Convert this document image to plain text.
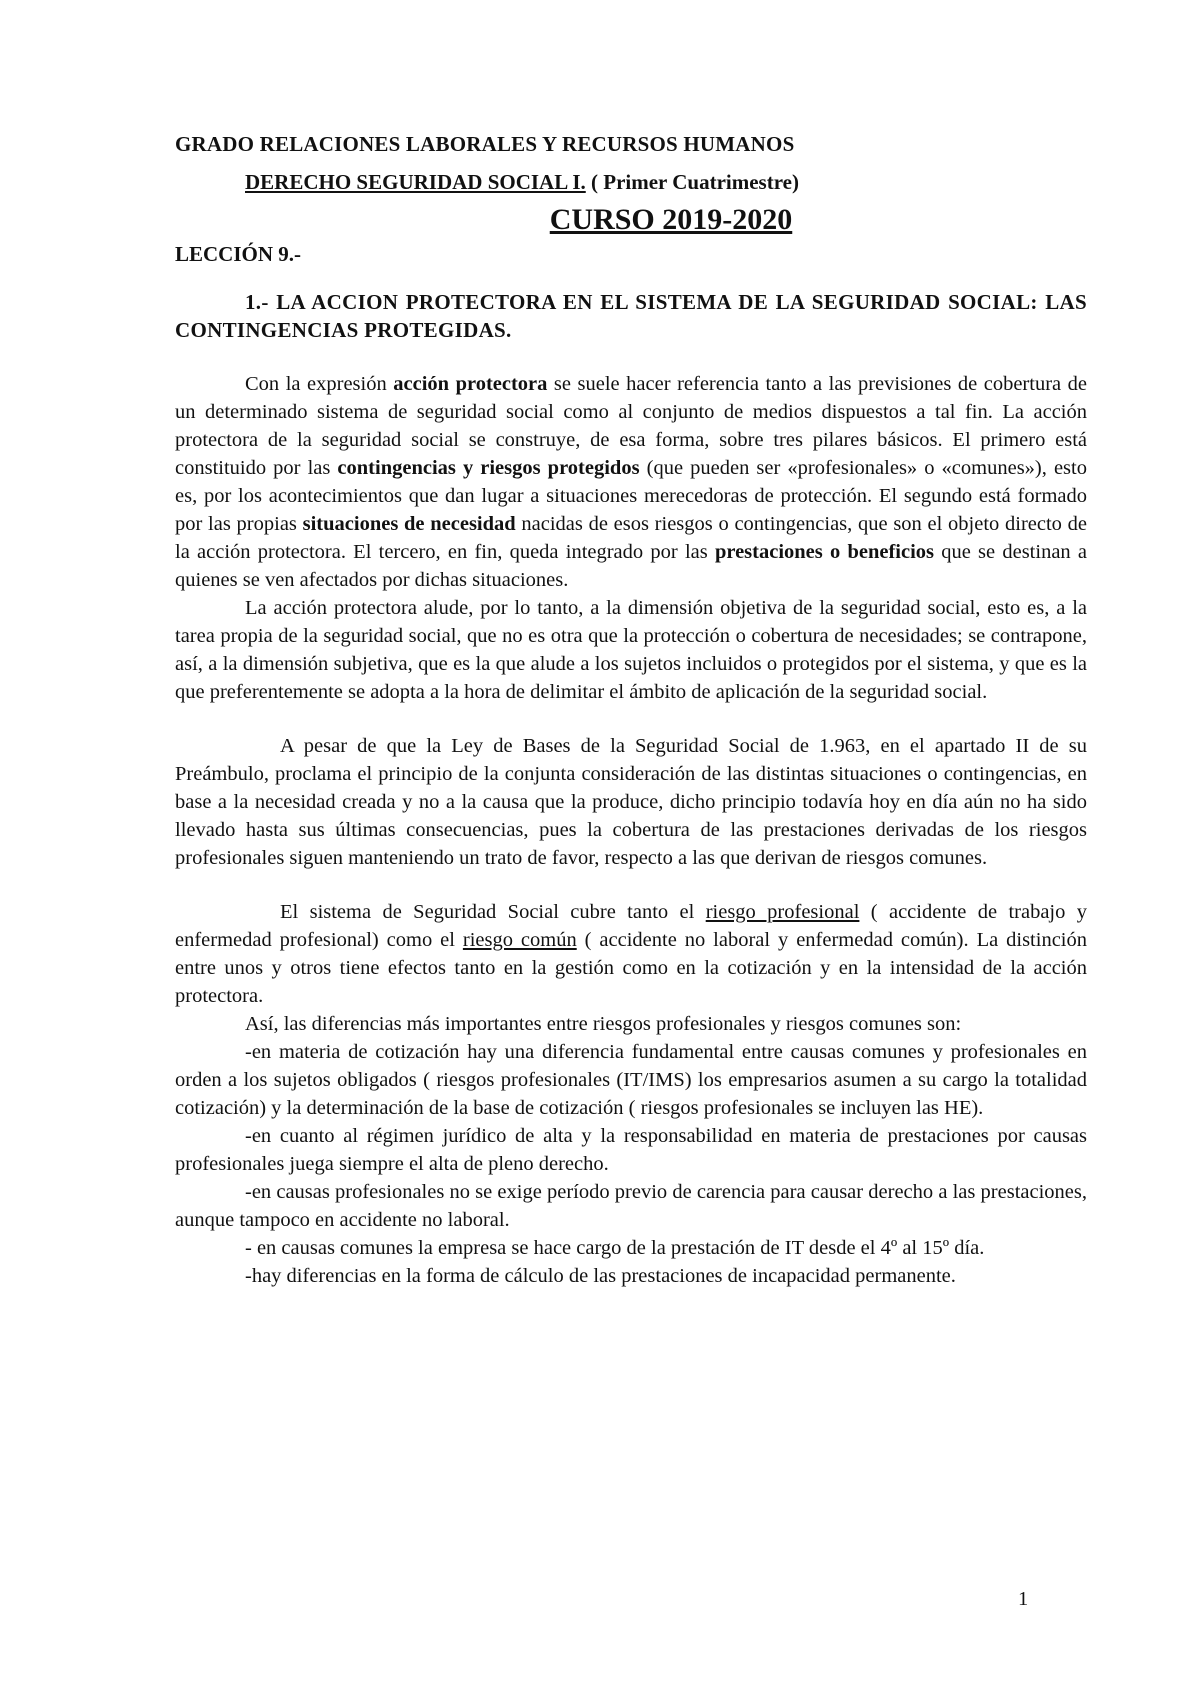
GRADO RELACIONES LABORALES Y RECURSOS HUMANOS

DERECHO SEGURIDAD SOCIAL I. ( Primer Cuatrimestre)

CURSO 2019-2020

LECCIÓN 9.-

1.- LA ACCION PROTECTORA EN EL SISTEMA DE LA SEGURIDAD SOCIAL: LAS CONTINGENCIAS PROTEGIDAS.

Con la expresión acción protectora se suele hacer referencia tanto a las previsiones de cobertura de un determinado sistema de seguridad social como al conjunto de medios dispuestos a tal fin. La acción protectora de la seguridad social se construye, de esa forma, sobre tres pilares básicos. El primero está constituido por las contingencias y riesgos protegidos (que pueden ser «profesionales» o «comunes»), esto es, por los acontecimientos que dan lugar a situaciones merecedoras de protección. El segundo está formado por las propias situaciones de necesidad nacidas de esos riesgos o contingencias, que son el objeto directo de la acción protectora. El tercero, en fin, queda integrado por las prestaciones o beneficios que se destinan a quienes se ven afectados por dichas situaciones.

La acción protectora alude, por lo tanto, a la dimensión objetiva de la seguridad social, esto es, a la tarea propia de la seguridad social, que no es otra que la protección o cobertura de necesidades; se contrapone, así, a la dimensión subjetiva, que es la que alude a los sujetos incluidos o protegidos por el sistema, y que es la que preferentemente se adopta a la hora de delimitar el ámbito de aplicación de la seguridad social.

A pesar de que la Ley de Bases de la Seguridad Social de 1.963, en el apartado II de su Preámbulo, proclama el principio de la conjunta consideración de las distintas situaciones o contingencias, en base a la necesidad creada y no a la causa que la produce, dicho principio todavía hoy en día aún no ha sido llevado hasta sus últimas consecuencias, pues la cobertura de las prestaciones derivadas de los riesgos profesionales siguen manteniendo un trato de favor, respecto a las que derivan de riesgos comunes.

El sistema de Seguridad Social cubre tanto el riesgo profesional ( accidente de trabajo y enfermedad profesional) como el riesgo común ( accidente no laboral y enfermedad común). La distinción entre unos y otros tiene efectos tanto en la gestión como en la cotización y en la intensidad de la acción protectora.

Así, las diferencias más importantes entre riesgos profesionales y riesgos comunes son:

-en materia de cotización hay una diferencia fundamental entre causas comunes y profesionales en orden a los sujetos obligados ( riesgos profesionales (IT/IMS) los empresarios asumen a su cargo la totalidad cotización) y la determinación de la base de cotización ( riesgos profesionales se incluyen las HE).

-en cuanto al régimen jurídico de alta y la responsabilidad en materia de prestaciones por causas profesionales juega siempre el alta de pleno derecho.

-en causas profesionales no se exige período previo de carencia para causar derecho a las prestaciones, aunque tampoco en accidente no laboral.

- en causas comunes la empresa se hace cargo de la prestación de IT desde el 4º al 15º día.

-hay diferencias en la forma de cálculo de las prestaciones de incapacidad permanente.

1
